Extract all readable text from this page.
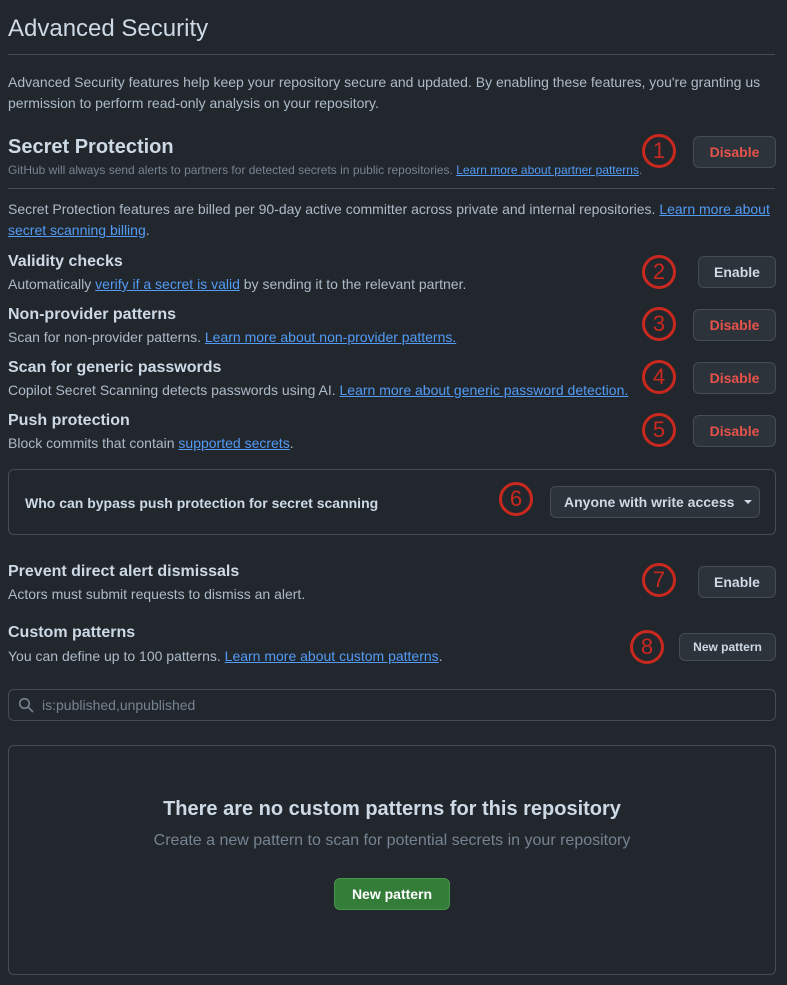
Advanced Security
Advanced Security features help keep your repository secure and updated. By enabling these features, you're granting us permission to perform read-only analysis on your repository.
Secret Protection
GitHub will always send alerts to partners for detected secrets in public repositories. Learn more about partner patterns.
1	Disable
Secret Protection features are billed per 90-day active committer across private and internal repositories. Learn more about secret scanning billing.
Validity checks
Automatically verify if a secret is valid by sending it to the relevant partner.	2	Enable
Non-provider patterns
Scan for non-provider patterns. Learn more about non-provider patterns.
3	Disable
Scan for generic passwords
Copilot Secret Scanning detects passwords using AI. Learn more about generic password detection.
4	Disable
Push protection
Block commits that contain supported secrets.
5	Disable
Who can bypass push protection for secret scanning	6	Anyone with write access
Prevent direct alert dismissals
Actors must submit requests to dismiss an alert.
7	Enable
Custom patterns
You can define up to 100 patterns. Learn more about custom patterns.	8	New pattern
is:published,unpublished
There are no custom patterns for this repository
Create a new pattern to scan for potential secrets in your repository
New pattern
